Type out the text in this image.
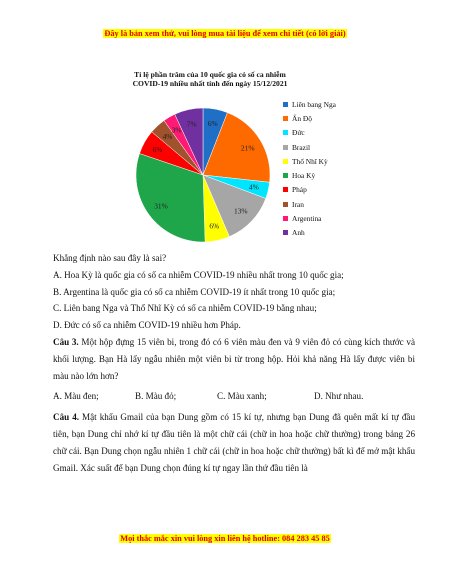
Đây là bản xem thử, vui lòng mua tài liệu để xem chi tiết (có lời giải)
Tỉ lệ phần trăm của 10 quốc gia có số ca nhiễm
COVID-19 nhiều nhất tính đến ngày 15/12/2021
6%
21%
4%
13%
6%
31%
6%
4%
3%
7%
Liên bang Nga
Ấn Độ
Đức
Brazil
Thổ Nhĩ Kỳ
Hoa Kỳ
Pháp
Iran
Argentina
Anh
Khẳng định nào sau đây là sai?
A. Hoa Kỳ là quốc gia có số ca nhiễm COVID-19 nhiều nhất trong 10 quốc gia;
B. Argentina là quốc gia có số ca nhiễm COVID-19 ít nhất trong 10 quốc gia;
C. Liên bang Nga và Thổ Nhĩ Kỳ có số ca nhiễm COVID-19 bằng nhau;
D. Đức có số ca nhiễm COVID-19 nhiều hơn Pháp.
Câu 3. Một hộp đựng 15 viên bi, trong đó có 6 viên màu đen và 9 viên đỏ có cùng kích thước và khối lượng. Bạn Hà lấy ngẫu nhiên một viên bi từ trong hộp. Hỏi khả năng Hà lấy được viên bi màu nào lớn hơn?
A. Màu đen;	B. Màu đỏ;	C. Màu xanh;	D. Như nhau.
Câu 4. Mật khẩu Gmail của bạn Dung gồm có 15 kí tự, nhưng bạn Dung đã quên mất kí tự đầu tiên, bạn Dung chỉ nhớ kí tự đầu tiên là một chữ cái (chữ in hoa hoặc chữ thường) trong bảng 26 chữ cái. Bạn Dung chọn ngẫu nhiên 1 chữ cái (chữ in hoa hoặc chữ thường) bất kì để mở mật khẩu Gmail. Xác suất để bạn Dung chọn đúng kí tự ngay lần thứ đầu tiên là
Mọi thắc mắc xin vui lòng xin liên hệ hotline: 084 283 45 85
